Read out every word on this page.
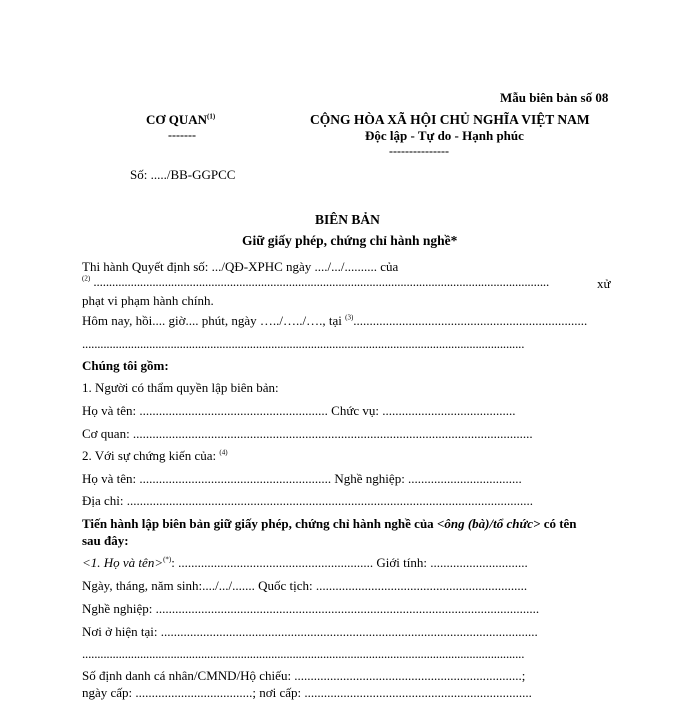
Mẫu biên bản số 08
CƠ QUAN$^{(1)}$
-------
CỘNG HÒA XÃ HỘI CHỦ NGHĨA VIỆT NAM
Độc lập - Tự do - Hạnh phúc
---------------
Số: ...../BB-GGPCC
BIÊN BẢN
Giữ giấy phép, chứng chỉ hành nghề*
Thi hành Quyết định số: .../QĐ-XPHC ngày ..../.../.......... của
$^{(2)}$ ...................................................................................................................................................	xử
phạt vi phạm hành chính.
Hôm nay, hồi.... giờ.... phút, ngày …../…../…., tại $^{(3)}$........................................................................
.................................................................................................................................................
Chúng tôi gồm:
1. Người có thẩm quyền lập biên bản:
Họ và tên: .......................................................... Chức vụ: .........................................
Cơ quan: ...........................................................................................................................
2. Với sự chứng kiến của: $^{(4)}$
Họ và tên: ........................................................... Nghề nghiệp: ...................................
Địa chỉ: .............................................................................................................................
Tiến hành lập biên bản giữ giấy phép, chứng chỉ hành nghề của <ông (bà)/tổ chức> có tên
sau đây:
<1. Họ và tên>(*): ............................................................ Giới tính: ..............................
Ngày, tháng, năm sinh:..../.../....... Quốc tịch: .................................................................
Nghề nghiệp: ......................................................................................................................
Nơi ở hiện tại: ....................................................................................................................
.................................................................................................................................................
Số định danh cá nhân/CMND/Hộ chiếu: ......................................................................;
ngày cấp: ....................................; nơi cấp: ......................................................................
